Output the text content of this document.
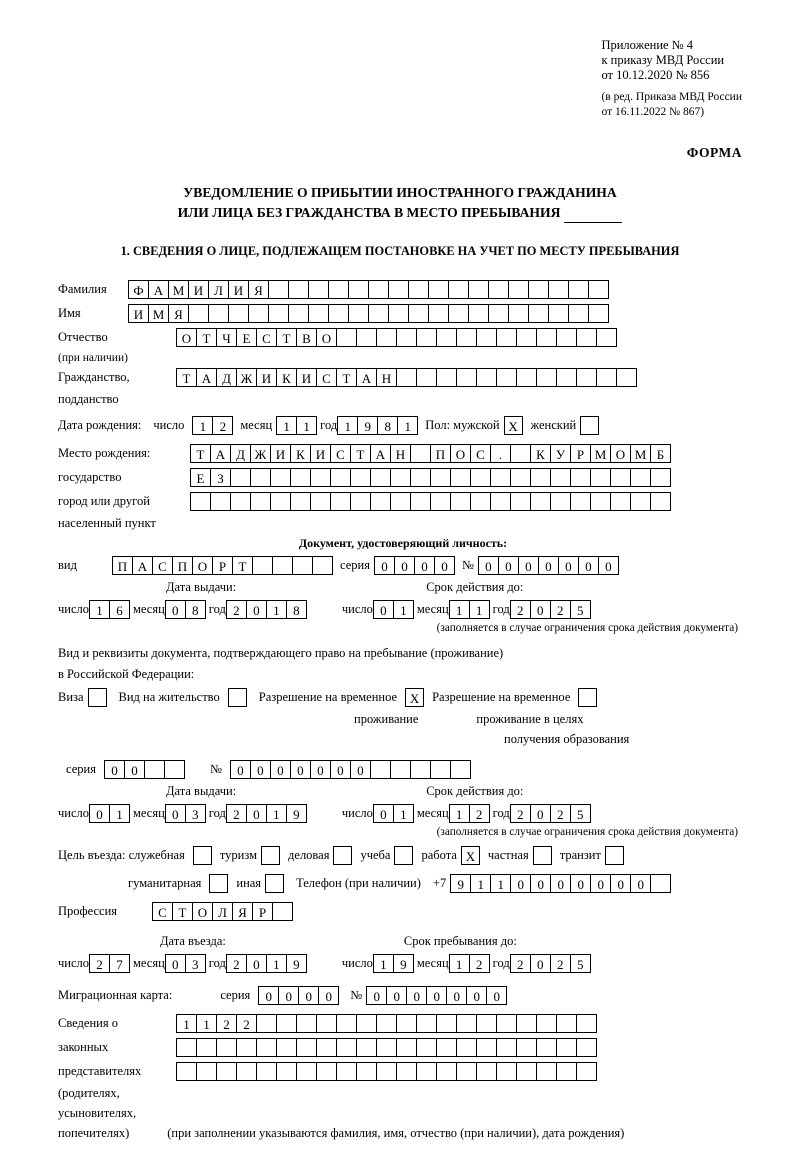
Приложение № 4
к приказу МВД России
от 10.12.2020 № 856
(в ред. Приказа МВД России
от 16.11.2022 № 867)
ФОРМА
УВЕДОМЛЕНИЕ О ПРИБЫТИИ ИНОСТРАННОГО ГРАЖДАНИНА
ИЛИ ЛИЦА БЕЗ ГРАЖДАНСТВА В МЕСТО ПРЕБЫВАНИЯ
1. СВЕДЕНИЯ О ЛИЦЕ, ПОДЛЕЖАЩЕМ ПОСТАНОВКЕ НА УЧЕТ ПО МЕСТУ ПРЕБЫВАНИЯ
Фамилия	Ф А М И Л И Я
Имя	И М Я
Отчество	О Т Ч Е С Т В О
(при наличии)
Гражданство,	Т А Д Ж И К И С Т А Н
подданство
Дата рождения: число	1	2	месяц 1	1 год 1	9	8	1	Пол: мужской X	женский
Место рождения:	Т А Д Ж И К И С Т А Н	П О С	.	К У Р М О М Б
государство	Е З
город или другой
населенный пункт
Документ, удостоверяющий личность:
вид	П А С П О Р Т	серия 0	0	0	0	№ 0	0	0	0	0	0	0
Дата выдачи:	Срок действия до:
число 1	6 месяц 0	8 год 2	0	1	8	число 0	1 месяц 1	1 год 2	0	2	5
(заполняется в случае ограничения срока действия документа)
Вид и реквизиты документа, подтверждающего право на пребывание (проживание)
в Российской Федерации:
Виза	Вид на жительство	Разрешение на временное X	Разрешение на временное
проживание	проживание в целях
получения образования
серия	0	0	№	0	0	0	0	0	0	0
Дата выдачи:	Срок действия до:
число 0	1 месяц 0	3 год 2	0	1	9	число 0	1 месяц 1	2 год 2	0	2	5
(заполняется в случае ограничения срока действия документа)
Цель въезда: служебная	туризм деловая учеба работа X	частная транзит
гуманитарная	иная	Телефон (при наличии) +7 9	1	1	0	0	0	0	0	0	0
Профессия	С Т О Л Я Р
Дата въезда:	Срок пребывания до:
число 2	7 месяц 0	3 год 2	0	1	9	число 1	9 месяц 1	2 год 2	0	2	5
Миграционная карта:	серия	0	0	0	0	№ 0	0	0	0	0	0	0
Сведения о	1	1	2	2
законных
представителях
(родителях,
усыновителях,
попечителях)	(при заполнении указываются фамилия, имя, отчество (при наличии), дата рождения)
